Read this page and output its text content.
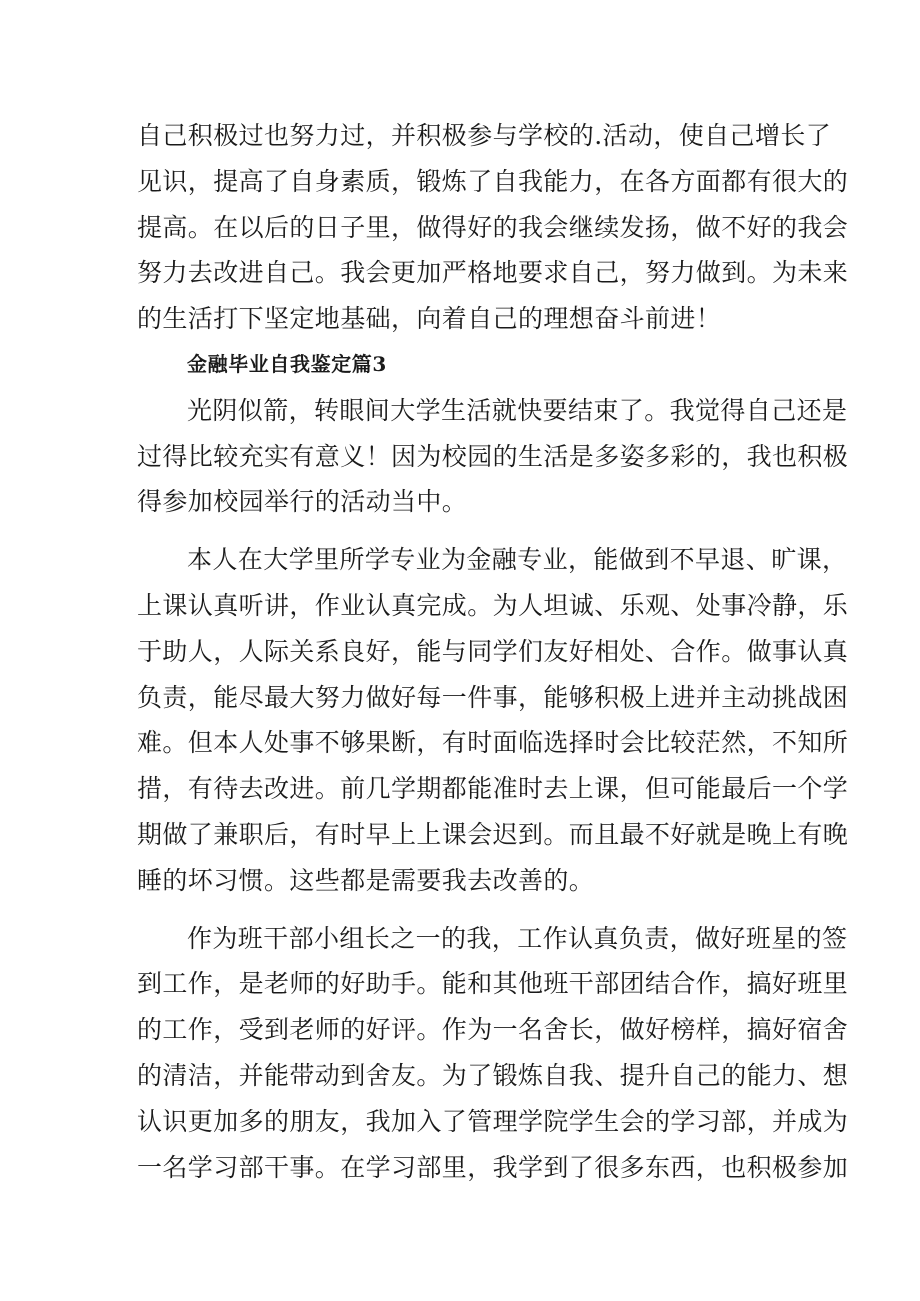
自己积极过也努力过，并积极参与学校的.活动，使自己增长了
见识，提高了自身素质，锻炼了自我能力，在各方面都有很大的
提高。在以后的日子里，做得好的我会继续发扬，做不好的我会
努力去改进自己。我会更加严格地要求自己，努力做到。为未来
的生活打下坚定地基础，向着自己的理想奋斗前进！

金融毕业自我鉴定篇3

光阴似箭，转眼间大学生活就快要结束了。我觉得自己还是
过得比较充实有意义！因为校园的生活是多姿多彩的，我也积极
得参加校园举行的活动当中。

本人在大学里所学专业为金融专业，能做到不早退、旷课，
上课认真听讲，作业认真完成。为人坦诚、乐观、处事冷静，乐
于助人，人际关系良好，能与同学们友好相处、合作。做事认真
负责，能尽最大努力做好每一件事，能够积极上进并主动挑战困
难。但本人处事不够果断，有时面临选择时会比较茫然，不知所
措，有待去改进。前几学期都能准时去上课，但可能最后一个学
期做了兼职后，有时早上上课会迟到。而且最不好就是晚上有晚
睡的坏习惯。这些都是需要我去改善的。

作为班干部小组长之一的我，工作认真负责，做好班星的签
到工作，是老师的好助手。能和其他班干部团结合作，搞好班里
的工作，受到老师的好评。作为一名舍长，做好榜样，搞好宿舍
的清洁，并能带动到舍友。为了锻炼自我、提升自己的能力、想
认识更加多的朋友，我加入了管理学院学生会的学习部，并成为
一名学习部干事。在学习部里，我学到了很多东西，也积极参加
